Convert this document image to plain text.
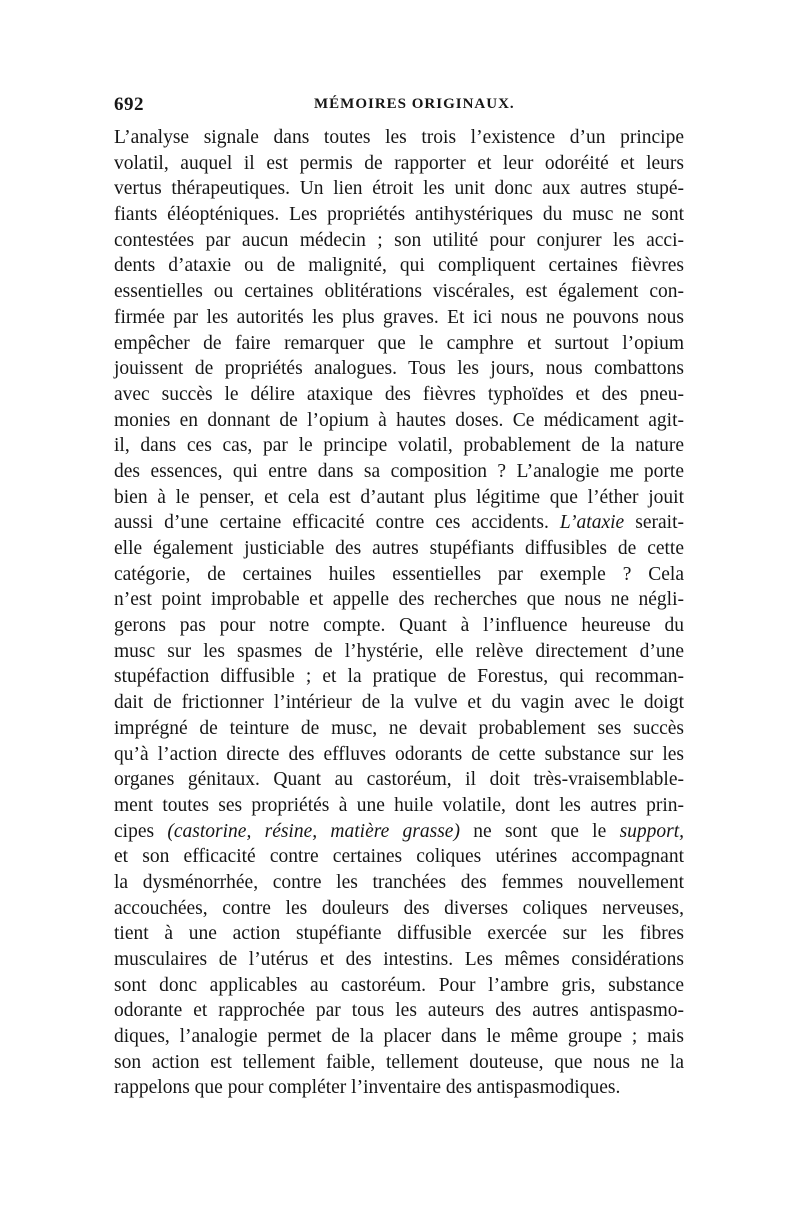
692	MÉMOIRES ORIGINAUX.
L’analyse signale dans toutes les trois l’existence d’un principe
volatil, auquel il est permis de rapporter et leur odoréité et leurs
vertus thérapeutiques. Un lien étroit les unit donc aux autres stupé-
fiants éléopténiques. Les propriétés antihystériques du musc ne sont
contestées par aucun médecin ; son utilité pour conjurer les acci-
dents d’ataxie ou de malignité, qui compliquent certaines fièvres
essentielles ou certaines oblitérations viscérales, est également con-
firmée par les autorités les plus graves. Et ici nous ne pouvons nous
empêcher de faire remarquer que le camphre et surtout l’opium
jouissent de propriétés analogues. Tous les jours, nous combattons
avec succès le délire ataxique des fièvres typhoïdes et des pneu-
monies en donnant de l’opium à hautes doses. Ce médicament agit-
il, dans ces cas, par le principe volatil, probablement de la nature
des essences, qui entre dans sa composition ? L’analogie me porte
bien à le penser, et cela est d’autant plus légitime que l’éther jouit
aussi d’une certaine efficacité contre ces accidents. L’ataxie serait-
elle également justiciable des autres stupéfiants diffusibles de cette
catégorie, de certaines huiles essentielles par exemple ? Cela
n’est point improbable et appelle des recherches que nous ne négli-
gerons pas pour notre compte. Quant à l’influence heureuse du
musc sur les spasmes de l’hystérie, elle relève directement d’une
stupéfaction diffusible ; et la pratique de Forestus, qui recomman-
dait de frictionner l’intérieur de la vulve et du vagin avec le doigt
imprégné de teinture de musc, ne devait probablement ses succès
qu’à l’action directe des effluves odorants de cette substance sur les
organes génitaux. Quant au castoréum, il doit très-vraisemblable-
ment toutes ses propriétés à une huile volatile, dont les autres prin-
cipes (castorine, résine, matière grasse) ne sont que le support,
et son efficacité contre certaines coliques utérines accompagnant
la dysménorrhée, contre les tranchées des femmes nouvellement
accouchées, contre les douleurs des diverses coliques nerveuses,
tient à une action stupéfiante diffusible exercée sur les fibres
musculaires de l’utérus et des intestins. Les mêmes considérations
sont donc applicables au castoréum. Pour l’ambre gris, substance
odorante et rapprochée par tous les auteurs des autres antispasmo-
diques, l’analogie permet de la placer dans le même groupe ; mais
son action est tellement faible, tellement douteuse, que nous ne la
rappelons que pour compléter l’inventaire des antispasmodiques.
